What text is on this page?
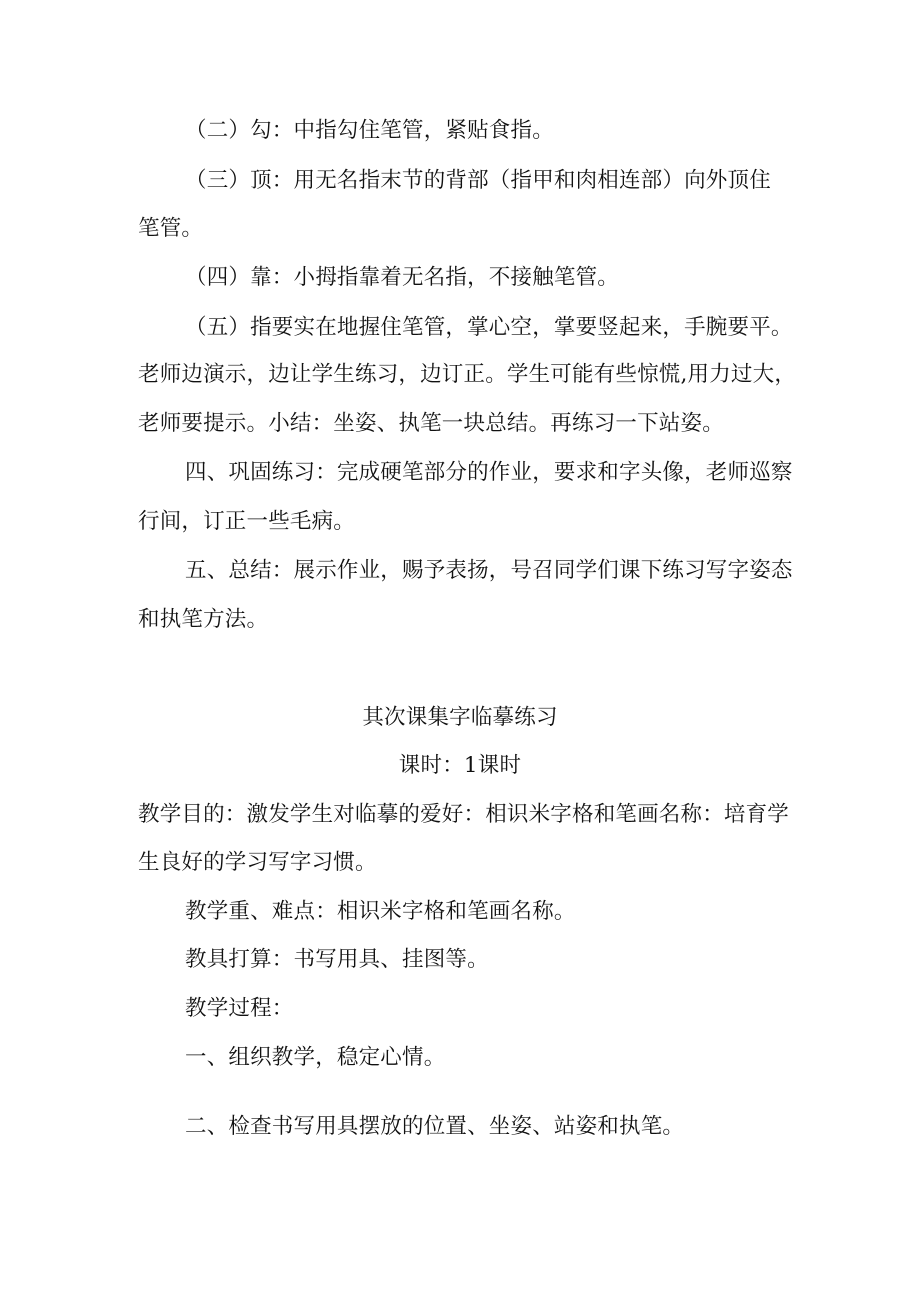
（二）勾：中指勾住笔管，紧贴食指。

（三）顶：用无名指末节的背部（指甲和肉相连部）向外顶住

笔管。

（四）靠：小拇指靠着无名指，不接触笔管。

（五）指要实在地握住笔管，掌心空，掌要竖起来，手腕要平。

老师边演示，边让学生练习，边订正。学生可能有些惊慌,用力过大，

老师要提示。小结：坐姿、执笔一块总结。再练习一下站姿。

四、巩固练习：完成硬笔部分的作业，要求和字头像，老师巡察

行间，订正一些毛病。

五、总结：展示作业，赐予表扬，号召同学们课下练习写字姿态

和执笔方法。

其次课集字临摹练习

课时：1课时

教学目的：激发学生对临摹的爱好：相识米字格和笔画名称：培育学

生良好的学习写字习惯。

教学重、难点：相识米字格和笔画名称。

教具打算：书写用具、挂图等。

教学过程：

一、组织教学，稳定心情。

二、检查书写用具摆放的位置、坐姿、站姿和执笔。
